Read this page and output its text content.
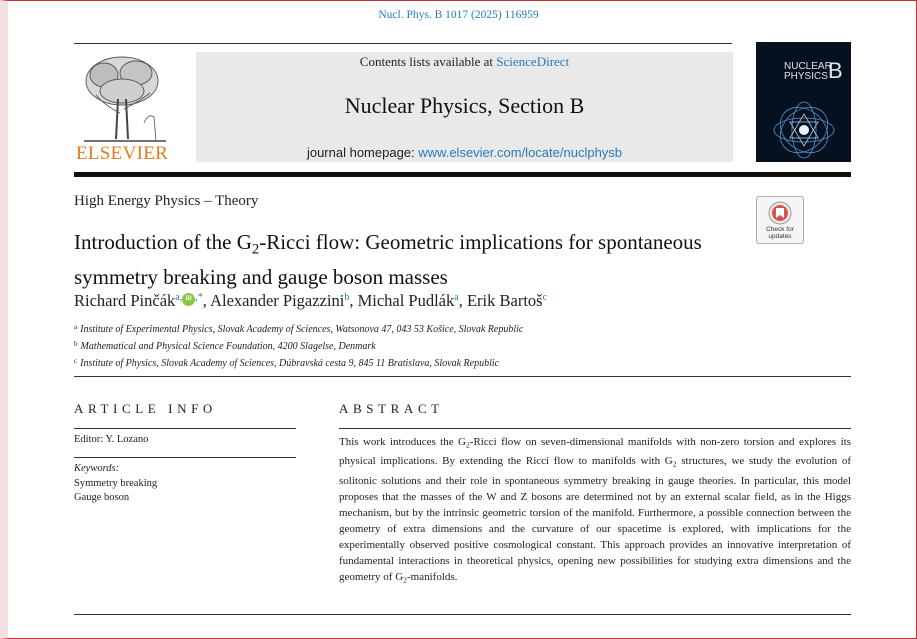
Nucl. Phys. B 1017 (2025) 116959
ELSEVIER
Contents lists available at ScienceDirect
Nuclear Physics, Section B
journal homepage: www.elsevier.com/locate/nuclphysb
NUCLEAR
PHYSICS B
High Energy Physics – Theory
Check for
updates
Introduction of the $G_2$-Ricci flow: Geometric implications for spontaneous symmetry breaking and gauge boson masses
Richard Pinčák$^{a,}$ iD ,*, Alexander Pigazzini$^b$, Michal Pudlák$^a$, Erik Bartoš$^c$
$^a$ Institute of Experimental Physics, Slovak Academy of Sciences, Watsonova 47, 043 53 Košice, Slovak Republic
$^b$ Mathematical and Physical Science Foundation, 4200 Slagelse, Denmark
$^c$ Institute of Physics, Slovak Academy of Sciences, Dúbravská cesta 9, 845 11 Bratislava, Slovak Republic
ARTICLE INFO
Editor: Y. Lozano
Keywords:
Symmetry breaking
Gauge boson
ABSTRACT

This work introduces the $G_2$-Ricci flow on seven-dimensional manifolds with non-zero torsion and explores its physical implications. By extending the Ricci flow to manifolds with $G_2$ structures, we study the evolution of solitonic solutions and their role in spontaneous symmetry breaking in gauge theories. In particular, this model proposes that the masses of the W and Z bosons are determined not by an external scalar field, as in the Higgs mechanism, but by the intrinsic geometric torsion of the manifold. Furthermore, a possible connection between the geometry of extra dimensions and the curvature of our spacetime is explored, with implications for the experimentally observed positive cosmological constant. This approach provides an innovative interpretation of fundamental interactions in theoretical physics, opening new possibilities for studying extra dimensions and the geometry of $G_2$-manifolds.
